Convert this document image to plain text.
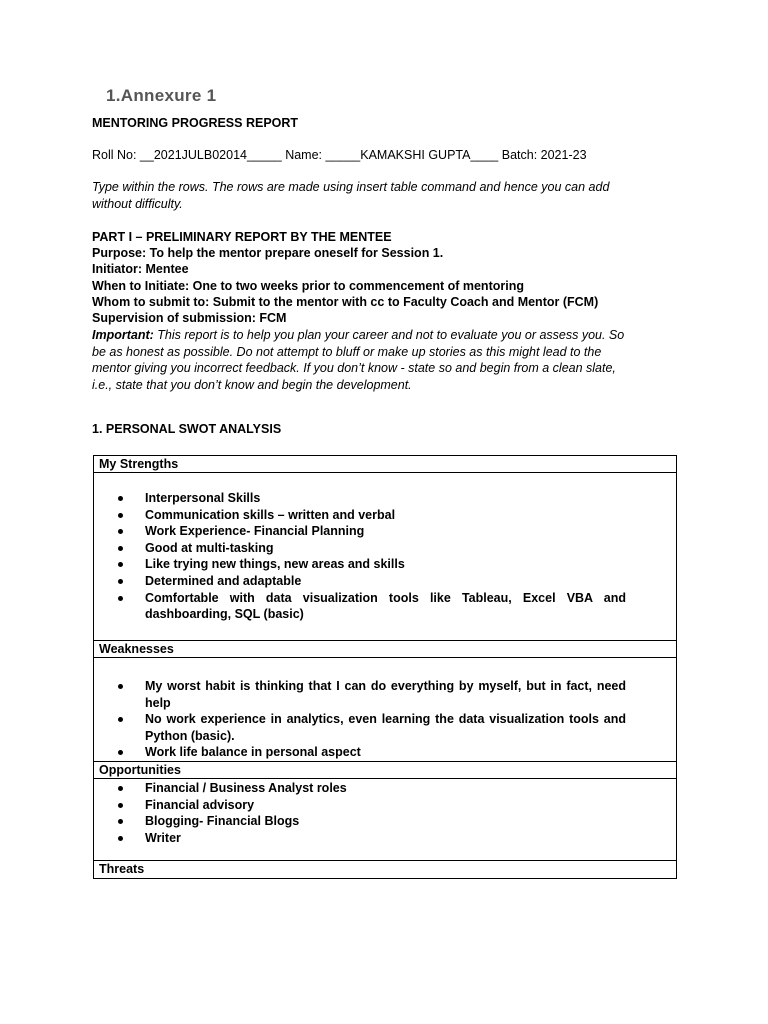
1.Annexure 1
MENTORING PROGRESS REPORT
Roll No: __2021JULB02014_____ Name: _____KAMAKSHI GUPTA____ Batch: 2021-23
Type within the rows. The rows are made using insert table command and hence you can add
without difficulty.
PART I – PRELIMINARY REPORT BY THE MENTEE
Purpose: To help the mentor prepare oneself for Session 1.
Initiator: Mentee
When to Initiate: One to two weeks prior to commencement of mentoring
Whom to submit to: Submit to the mentor with cc to Faculty Coach and Mentor (FCM)
Supervision of submission: FCM
Important: This report is to help you plan your career and not to evaluate you or assess you. So be as honest as possible. Do not attempt to bluff or make up stories as this might lead to the mentor giving you incorrect feedback. If you don’t know - state so and begin from a clean slate, i.e., state that you don’t know and begin the development.
1. PERSONAL SWOT ANALYSIS
My Strengths
Interpersonal Skills
Communication skills – written and verbal
Work Experience- Financial Planning
Good at multi-tasking
Like trying new things, new areas and skills
Determined and adaptable
Comfortable with data visualization tools like Tableau, Excel VBA and dashboarding, SQL (basic)
Weaknesses
My worst habit is thinking that I can do everything by myself, but in fact, need help
No work experience in analytics, even learning the data visualization tools and Python (basic).
Work life balance in personal aspect
Opportunities
Financial / Business Analyst roles
Financial advisory
Blogging- Financial Blogs
Writer
Threats
